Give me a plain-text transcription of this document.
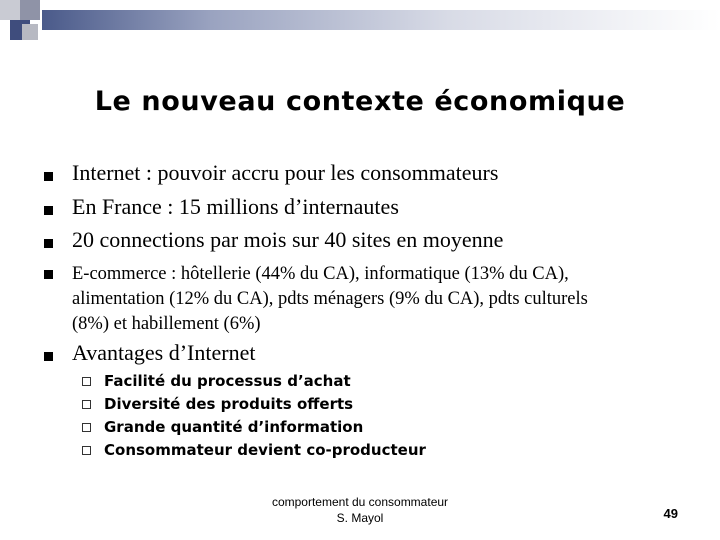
Le nouveau contexte économique
Internet : pouvoir accru pour les consommateurs
En France : 15 millions d’internautes
20 connections par mois sur 40 sites en moyenne
E-commerce : hôtellerie (44% du CA), informatique (13% du CA),
alimentation (12% du CA), pdts ménagers (9% du CA), pdts culturels
(8%) et habillement (6%)
Avantages d’Internet
Facilité du processus d’achat
Diversité des produits offerts
Grande quantité d’information
Consommateur devient co-producteur
comportement du consommateur
S. Mayol	49
